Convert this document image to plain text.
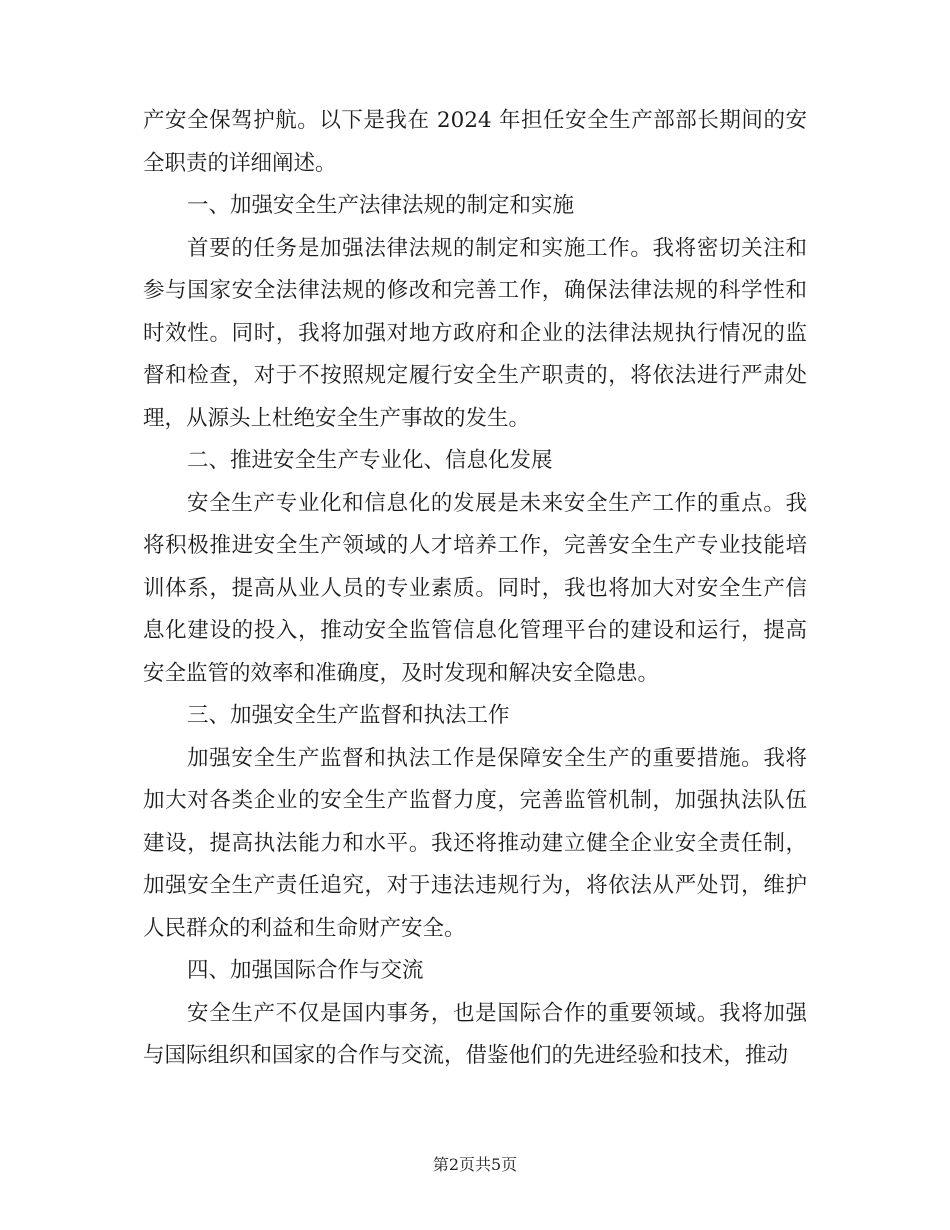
产安全保驾护航。以下是我在 2024 年担任安全生产部部长期间的安全职责的详细阐述。

一、加强安全生产法律法规的制定和实施

首要的任务是加强法律法规的制定和实施工作。我将密切关注和参与国家安全法律法规的修改和完善工作，确保法律法规的科学性和时效性。同时，我将加强对地方政府和企业的法律法规执行情况的监督和检查，对于不按照规定履行安全生产职责的，将依法进行严肃处理，从源头上杜绝安全生产事故的发生。

二、推进安全生产专业化、信息化发展

安全生产专业化和信息化的发展是未来安全生产工作的重点。我将积极推进安全生产领域的人才培养工作，完善安全生产专业技能培训体系，提高从业人员的专业素质。同时，我也将加大对安全生产信息化建设的投入，推动安全监管信息化管理平台的建设和运行，提高安全监管的效率和准确度，及时发现和解决安全隐患。

三、加强安全生产监督和执法工作

加强安全生产监督和执法工作是保障安全生产的重要措施。我将加大对各类企业的安全生产监督力度，完善监管机制，加强执法队伍建设，提高执法能力和水平。我还将推动建立健全企业安全责任制，加强安全生产责任追究，对于违法违规行为，将依法从严处罚，维护人民群众的利益和生命财产安全。

四、加强国际合作与交流

安全生产不仅是国内事务，也是国际合作的重要领域。我将加强与国际组织和国家的合作与交流，借鉴他们的先进经验和技术，推动

第2页共5页
